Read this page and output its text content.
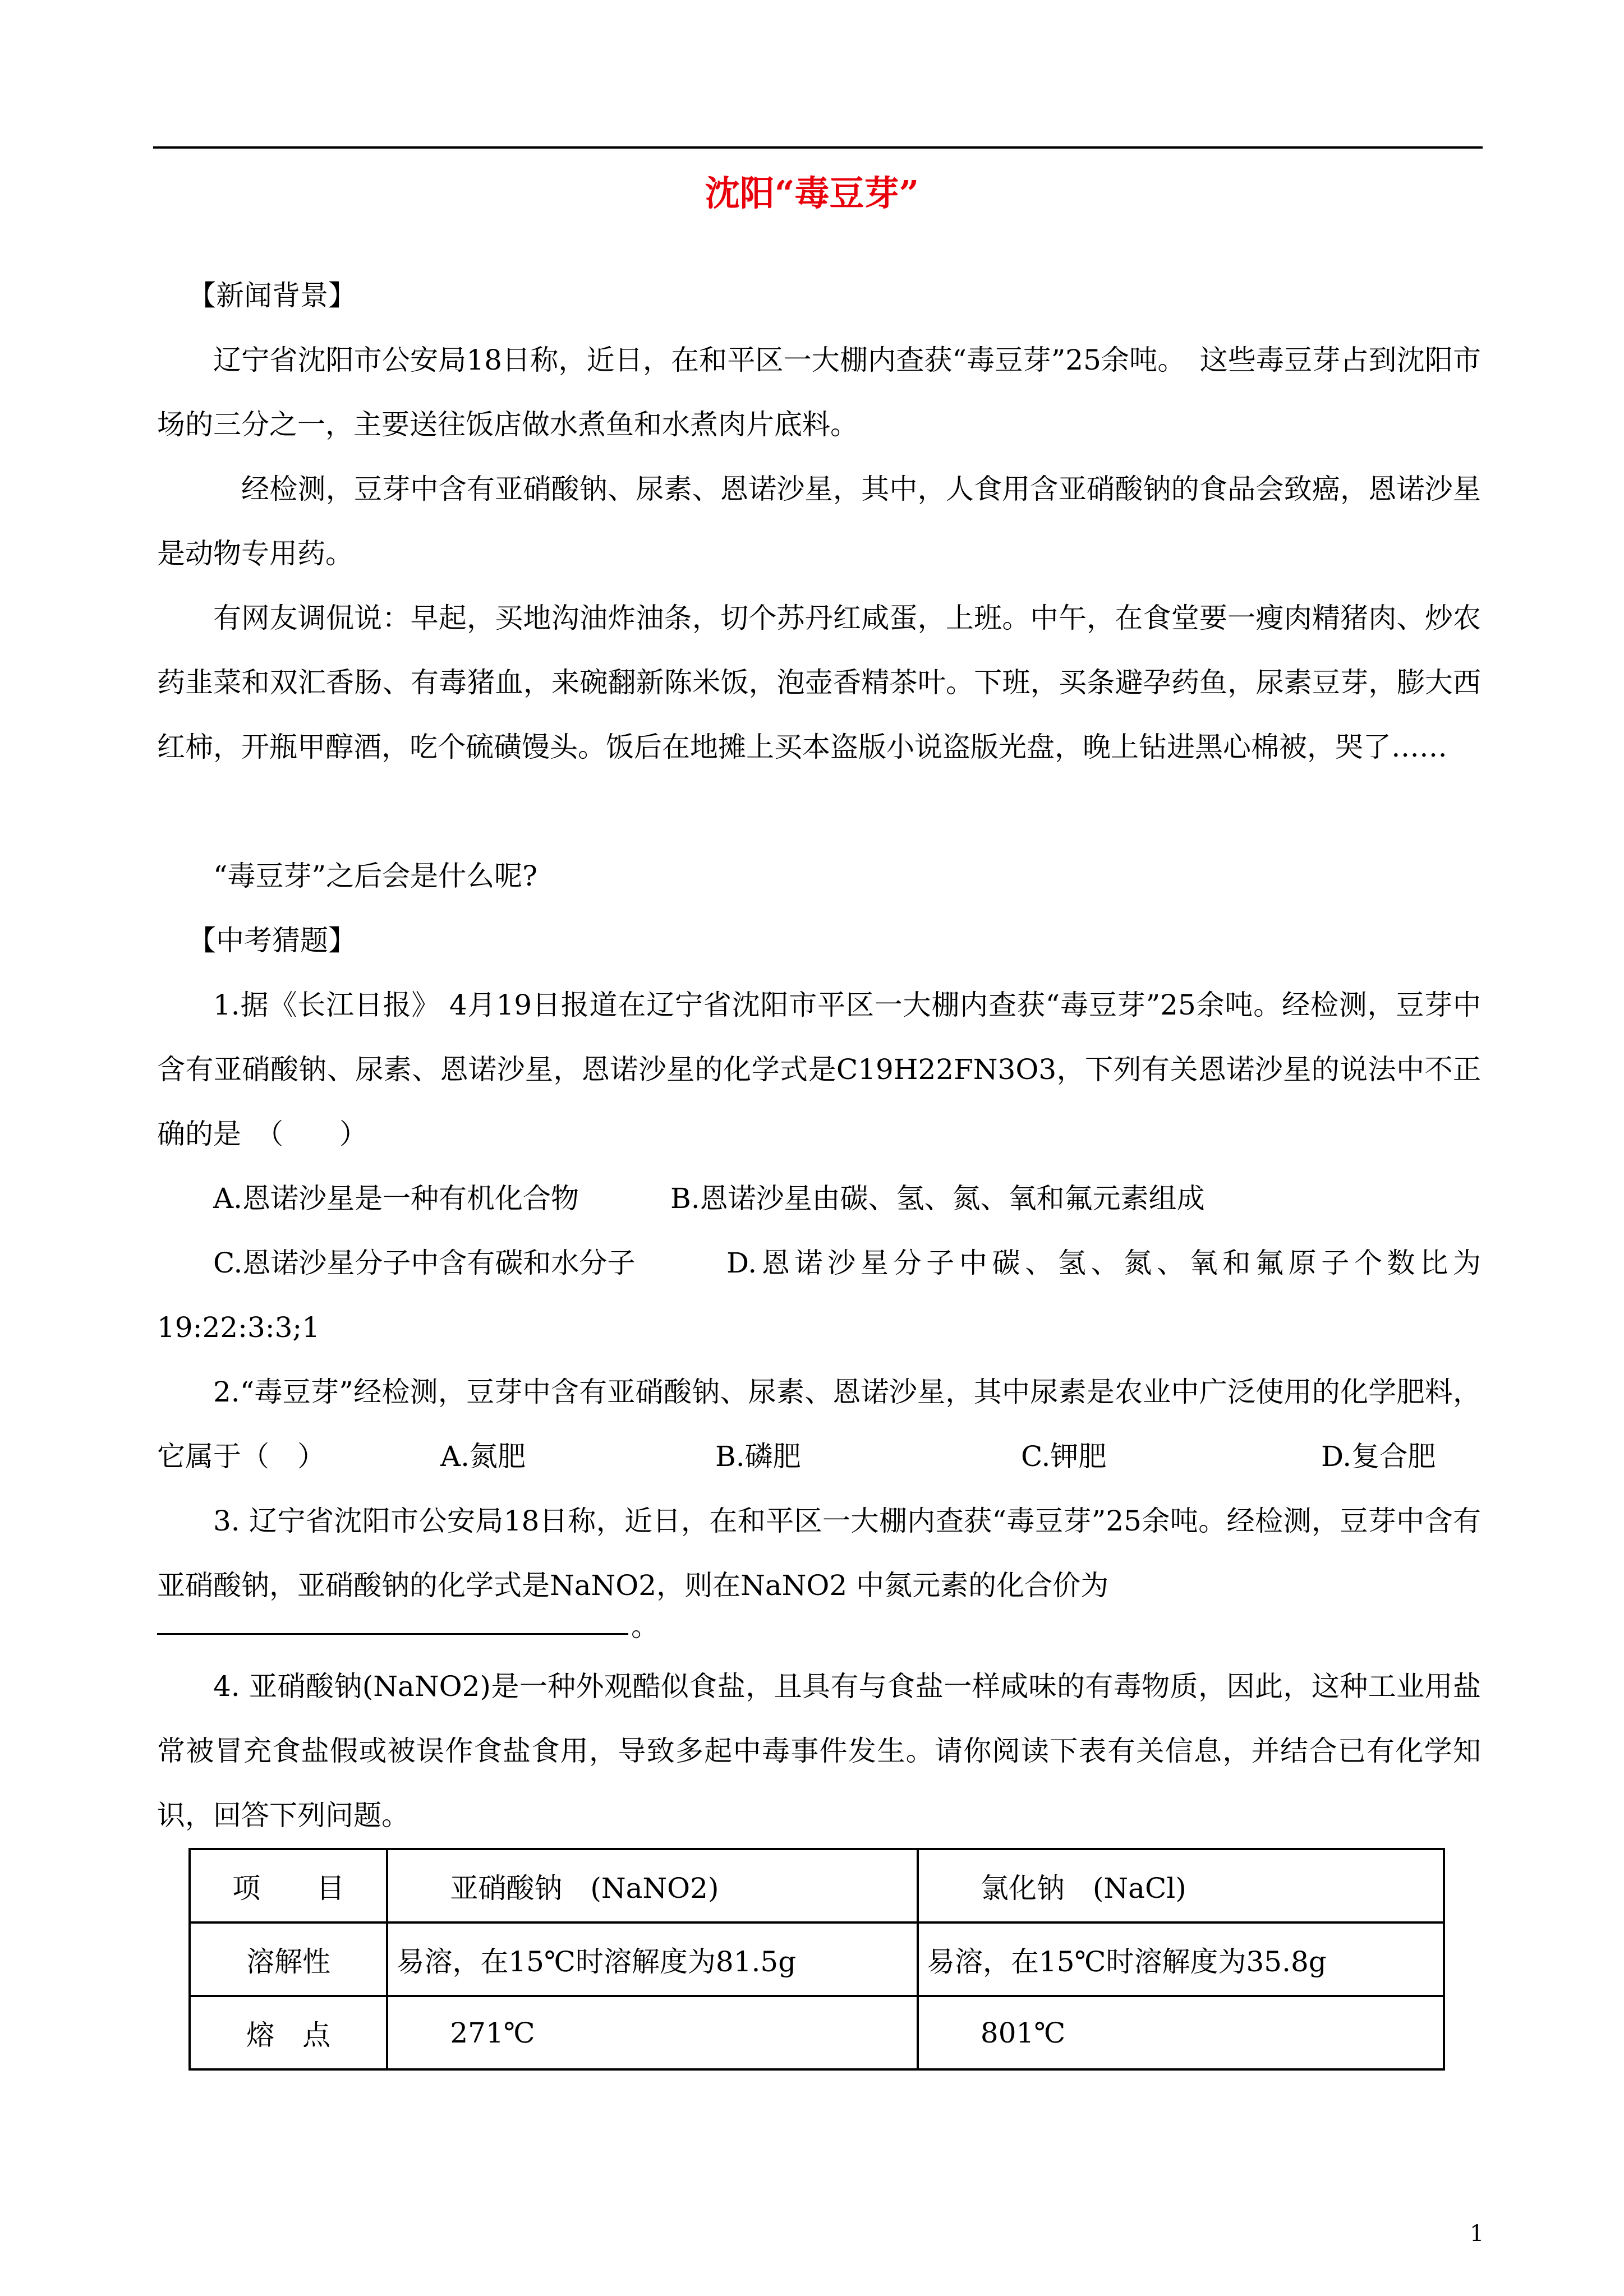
沈阳“毒豆芽”
【新闻背景】
辽宁省沈阳市公安局18日称，近日，在和平区一大棚内查获“毒豆芽”25余吨。　这些毒豆芽占到沈阳市场的三分之一，主要送往饭店做水煮鱼和水煮肉片底料。
经检测，豆芽中含有亚硝酸钠、尿素、恩诺沙星，其中，人食用含亚硝酸钠的食品会致癌，恩诺沙星是动物专用药。
有网友调侃说：早起，买地沟油炸油条，切个苏丹红咸蛋，上班。中午，在食堂要一瘦肉精猪肉、炒农药韭菜和双汇香肠、有毒猪血，来碗翻新陈米饭，泡壶香精茶叶。下班，买条避孕药鱼，尿素豆芽，膨大西红柿，开瓶甲醇酒，吃个硫磺馒头。饭后在地摊上买本盗版小说盗版光盘，晚上钻进黑心棉被，哭了……
“毒豆芽”之后会是什么呢?
【中考猜题】
1.据《长江日报》 4月19日报道在辽宁省沈阳市平区一大棚内查获“毒豆芽”25余吨。经检测，豆芽中含有亚硝酸钠、尿素、恩诺沙星，恩诺沙星的化学式是C19H22FN3O3，下列有关恩诺沙星的说法中不正确的是　（　　）
A.恩诺沙星是一种有机化合物	B.恩诺沙星由碳、氢、氮、氧和氟元素组成
C.恩诺沙星分子中含有碳和水分子	D.恩诺沙星分子中碳、氢、氮、氧和氟原子个数比为19:22:3:3;1
2.“毒豆芽”经检测，豆芽中含有亚硝酸钠、尿素、恩诺沙星，其中尿素是农业中广泛使用的化学肥料，它属于（　）	A.氮肥	B.磷肥	C.钾肥	D.复合肥
3. 辽宁省沈阳市公安局18日称，近日，在和平区一大棚内查获“毒豆芽”25余吨。经检测，豆芽中含有亚硝酸钠，亚硝酸钠的化学式是NaNO2，则在NaNO2 中氮元素的化合价为
。
4. 亚硝酸钠(NaNO2)是一种外观酷似食盐，且具有与食盐一样咸味的有毒物质，因此，这种工业用盐常被冒充食盐假或被误作食盐食用，导致多起中毒事件发生。请你阅读下表有关信息，并结合已有化学知识，回答下列问题。
项　　目	亚硝酸钠　(NaNO2)	氯化钠　(NaCl)
溶解性	易溶，在15℃时溶解度为81.5g	易溶，在15℃时溶解度为35.8g
熔　点	271℃	801℃
1
